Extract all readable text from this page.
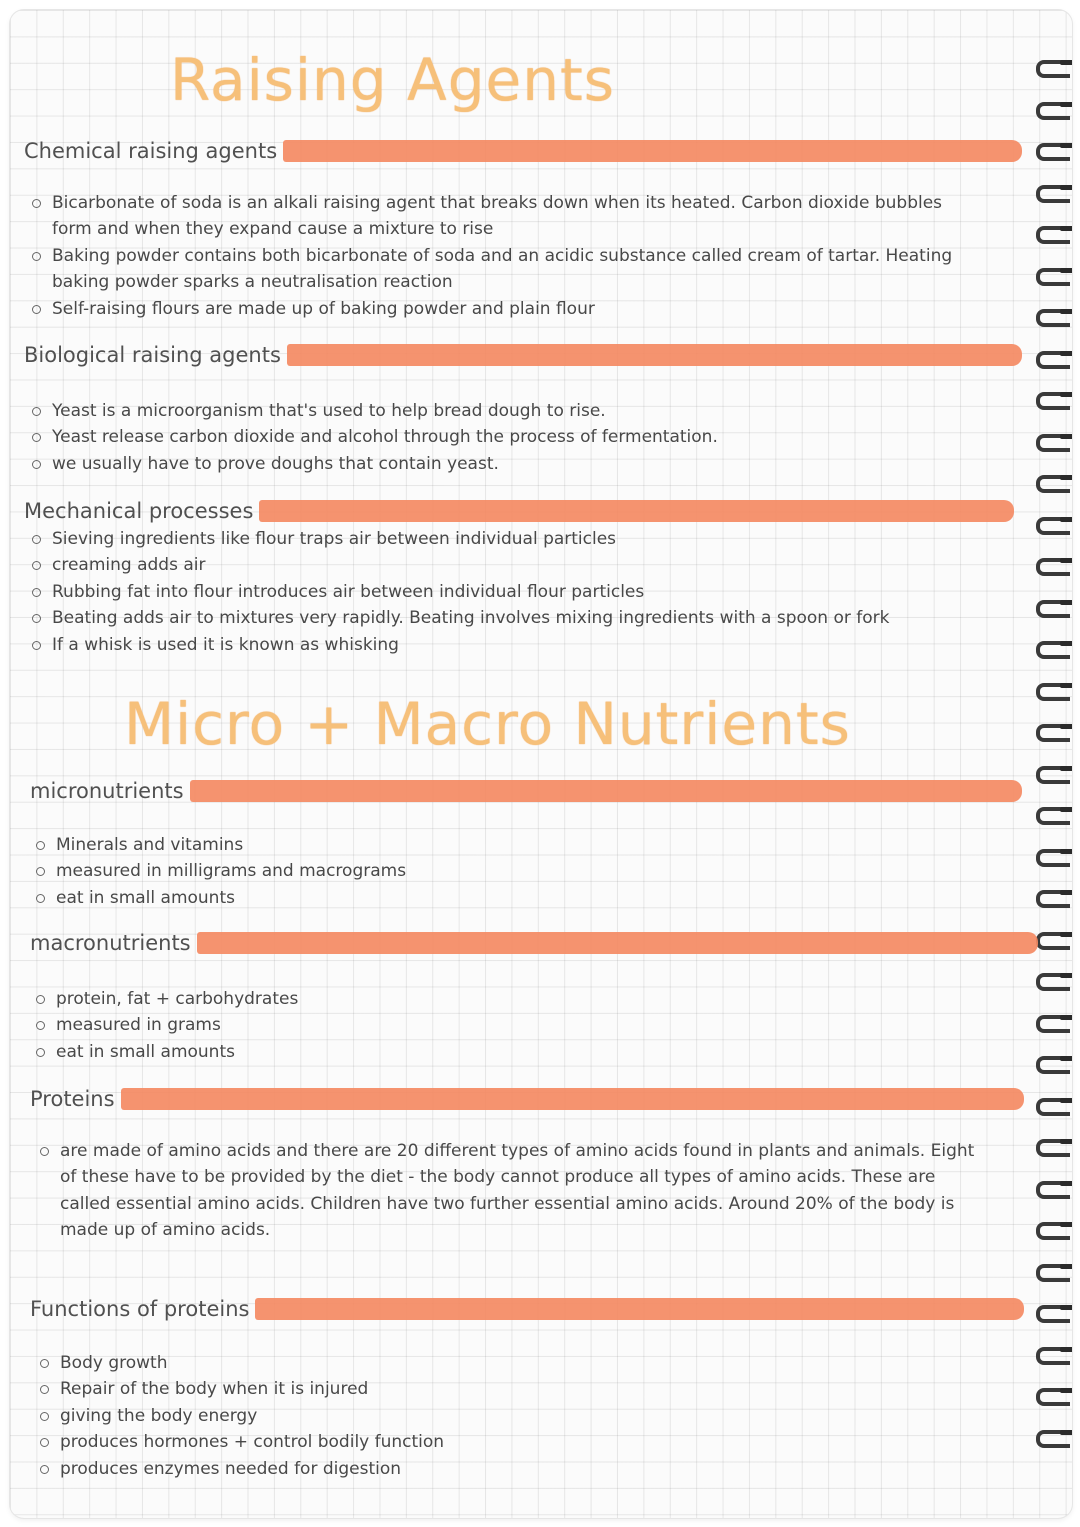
Raising Agents
Chemical raising agents
Bicarbonate of soda is an alkali raising agent that breaks down when its heated. Carbon dioxide bubbles form and when they expand cause a mixture to rise
Baking powder contains both bicarbonate of soda and an acidic substance called cream of tartar. Heating baking powder sparks a neutralisation reaction
Self-raising flours are made up of baking powder and plain flour
Biological raising agents
Yeast is a microorganism that's used to help bread dough to rise.
Yeast release carbon dioxide and alcohol through the process of fermentation.
we usually have to prove doughs that contain yeast.
Mechanical processes
Sieving ingredients like flour traps air between individual particles
creaming adds air
Rubbing fat into flour introduces air between individual flour particles
Beating adds air to mixtures very rapidly. Beating involves mixing ingredients with a spoon or fork
If a whisk is used it is known as whisking
Micro + Macro Nutrients
micronutrients
Minerals and vitamins
measured in milligrams and macrograms
eat in small amounts
macronutrients
protein, fat + carbohydrates
measured in grams
eat in small amounts
Proteins
are made of amino acids and there are 20 different types of amino acids found in plants and animals. Eight of these have to be provided by the diet - the body cannot produce all types of amino acids. These are called essential amino acids. Children have two further essential amino acids. Around 20% of the body is made up of amino acids.
Functions of proteins
Body growth
Repair of the body when it is injured
giving the body energy
produces hormones + control bodily function
produces enzymes needed for digestion
